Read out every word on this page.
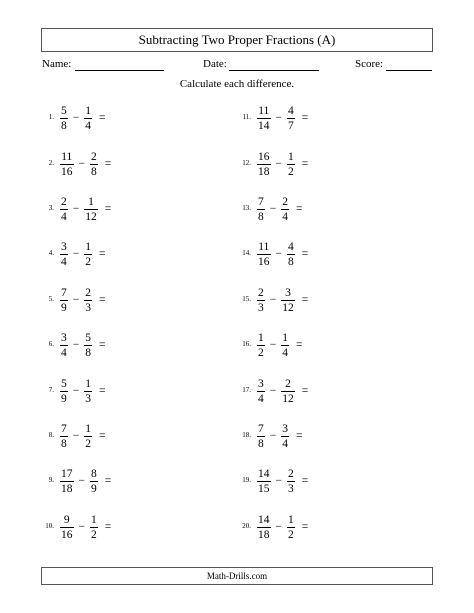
Subtracting Two Proper Fractions (A)
Name:	Date:	Score:
Calculate each difference.
1. $\frac{5}{8} - \frac{1}{4}$ =
2. $\frac{11}{16} - \frac{2}{8}$ =
3. $\frac{2}{4} - \frac{1}{12}$ =
4. $\frac{3}{4} - \frac{1}{2}$ =
5. $\frac{7}{9} - \frac{2}{3}$ =
6. $\frac{3}{4} - \frac{5}{8}$ =
7. $\frac{5}{9} - \frac{1}{3}$ =
8. $\frac{7}{8} - \frac{1}{2}$ =
9. $\frac{17}{18} - \frac{8}{9}$ =
10. $\frac{9}{16} - \frac{1}{2}$ =
11. $\frac{11}{14} - \frac{4}{7}$ =
12. $\frac{16}{18} - \frac{1}{2}$ =
13. $\frac{7}{8} - \frac{2}{4}$ =
14. $\frac{11}{16} - \frac{4}{8}$ =
15. $\frac{2}{3} - \frac{3}{12}$ =
16. $\frac{1}{2} - \frac{1}{4}$ =
17. $\frac{3}{4} - \frac{2}{12}$ =
18. $\frac{7}{8} - \frac{3}{4}$ =
19. $\frac{14}{15} - \frac{2}{3}$ =
20. $\frac{14}{18} - \frac{1}{2}$ =
Math-Drills.com
